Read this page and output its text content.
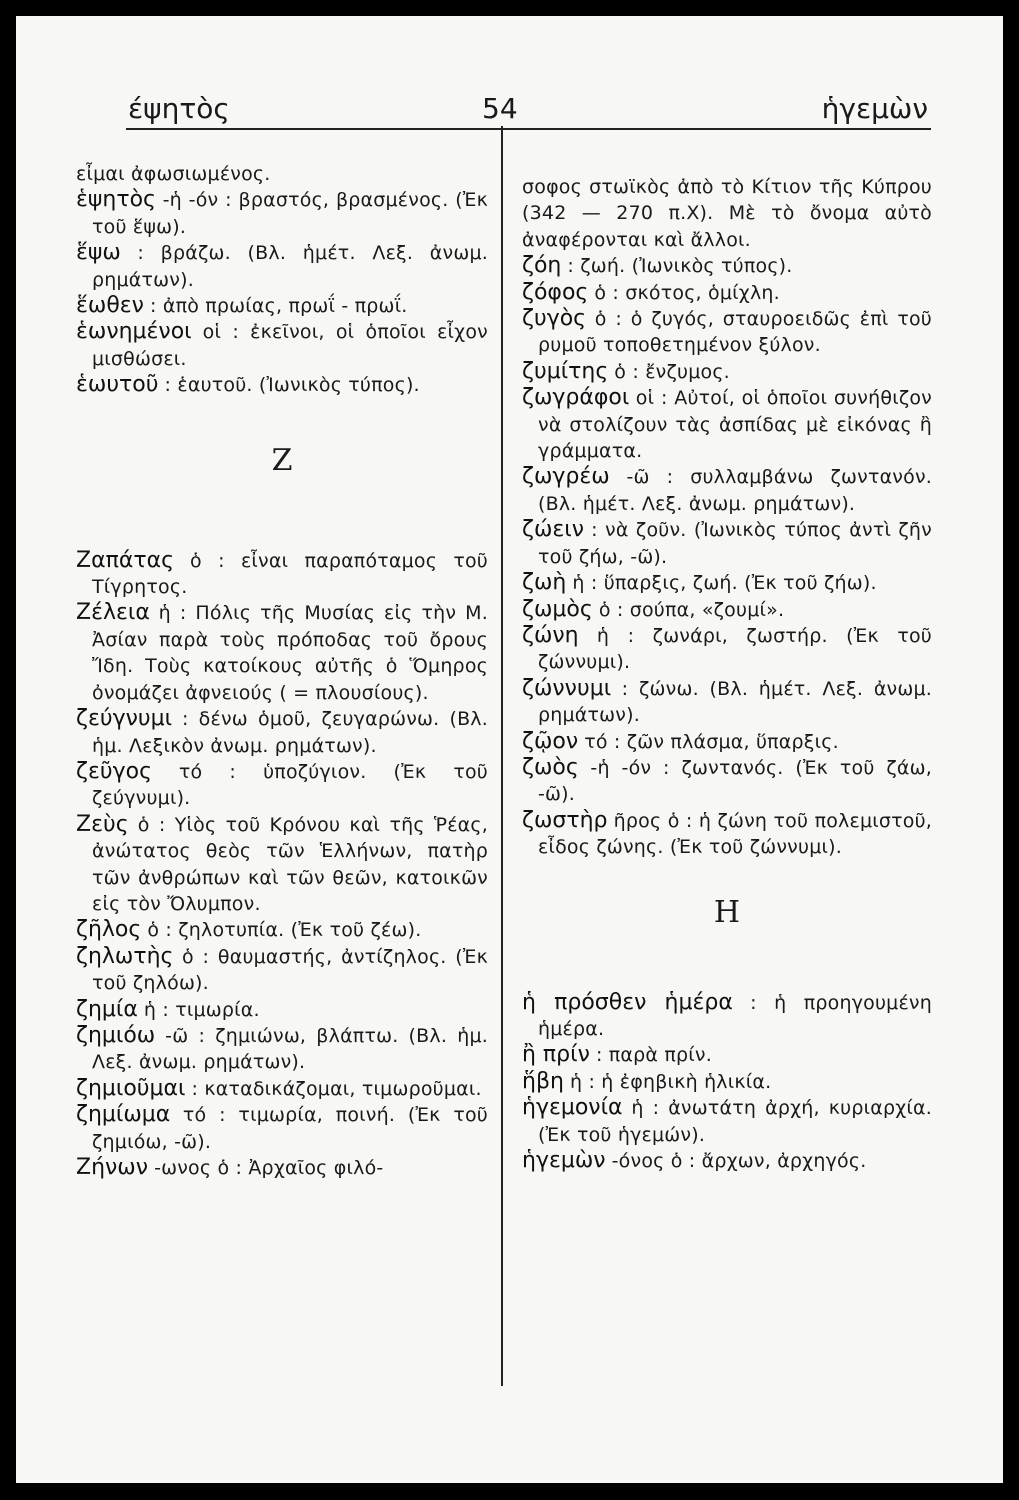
έψητὸς	54	ἡγεμὼν
εἶμαι ἀφωσιωμένος.
ἑψητὸς -ἡ -όν : βραστός, βρασμένος. (Ἐκ τοῦ ἕψω).
ἕψω : βράζω. (Βλ. ἡμέτ. Λεξ. ἀνωμ. ρημάτων).
ἕωθεν : ἀπὸ πρωίας, πρωΐ - πρωΐ.
ἑωνημένοι οἱ : ἐκεῖνοι, οἱ ὁποῖοι εἶχον μισθώσει.
ἑωυτοῦ : ἑαυτοῦ. (Ἰωνικὸς τύπος).
Ζ
Ζαπάτας ὁ : εἶναι παραπόταμος τοῦ Τίγρητος.
Ζέλεια ἡ : Πόλις τῆς Μυσίας εἰς τὴν Μ. Ἀσίαν παρὰ τοὺς πρόποδας τοῦ ὄρους Ἴδη. Τοὺς κατοίκους αὐτῆς ὁ Ὅμηρος ὀνομάζει ἀφνειούς ( = πλουσίους).
ζεύγνυμι : δένω ὁμοῦ, ζευγαρώνω. (Βλ. ἡμ. Λεξικὸν ἀνωμ. ρημάτων).
ζεῦγος τό : ὑποζύγιον. (Ἐκ τοῦ ζεύγνυμι).
Ζεὺς ὁ : Υἱὸς τοῦ Κρόνου καὶ τῆς Ῥέας, ἀνώτατος θεὸς τῶν Ἑλλήνων, πατὴρ τῶν ἀνθρώπων καὶ τῶν θεῶν, κατοικῶν εἰς τὸν Ὄλυμπον.
ζῆλος ὁ : ζηλοτυπία. (Ἐκ τοῦ ζέω).
ζηλωτὴς ὁ : θαυμαστής, ἀντίζηλος. (Ἐκ τοῦ ζηλόω).
ζημία ἡ : τιμωρία.
ζημιόω -ῶ : ζημιώνω, βλάπτω. (Βλ. ἡμ. Λεξ. ἀνωμ. ρημάτων).
ζημιοῦμαι : καταδικάζομαι, τιμωροῦμαι.
ζημίωμα τό : τιμωρία, ποινή. (Ἐκ τοῦ ζημιόω, -ῶ).
Ζήνων -ωνος ὁ : Ἀρχαῖος φιλό-
σοφος στωϊκὸς ἀπὸ τὸ Κίτιον τῆς Κύπρου (342 — 270 π.Χ). Μὲ τὸ ὄνομα αὐτὸ ἀναφέρονται καὶ ἄλλοι.
ζόη : ζωή. (Ἰωνικὸς τύπος).
ζόφος ὁ : σκότος, ὁμίχλη.
ζυγὸς ὁ : ὁ ζυγός, σταυροειδῶς ἐπὶ τοῦ ρυμοῦ τοποθετημένον ξύλον.
ζυμίτης ὁ : ἔνζυμος.
ζωγράφοι οἱ : Αὐτοί, οἱ ὁποῖοι συνήθιζον νὰ στολίζουν τὰς ἀσπίδας μὲ εἰκόνας ἢ γράμματα.
ζωγρέω -ῶ : συλλαμβάνω ζωντανόν. (Βλ. ἡμέτ. Λεξ. ἀνωμ. ρημάτων).
ζώειν : νὰ ζοῦν. (Ἰωνικὸς τύπος ἀντὶ ζῆν τοῦ ζήω, -ῶ).
ζωὴ ἡ : ὕπαρξις, ζωή. (Ἐκ τοῦ ζήω).
ζωμὸς ὁ : σούπα, «ζουμί».
ζώνη ἡ : ζωνάρι, ζωστήρ. (Ἐκ τοῦ ζώννυμι).
ζώννυμι : ζώνω. (Βλ. ἡμέτ. Λεξ. ἀνωμ. ρημάτων).
ζῷον τό : ζῶν πλάσμα, ὕπαρξις.
ζωὸς -ἡ -όν : ζωντανός. (Ἐκ τοῦ ζάω, -ῶ).
ζωστὴρ ῆρος ὁ : ἡ ζώνη τοῦ πολεμιστοῦ, εἶδος ζώνης. (Ἐκ τοῦ ζώννυμι).
Η
ἡ πρόσθεν ἡμέρα : ἡ προηγουμένη ἡμέρα.
ἢ πρίν : παρὰ πρίν.
ἥβη ἡ : ἡ ἐφηβικὴ ἡλικία.
ἡγεμονία ἡ : ἀνωτάτη ἀρχή, κυριαρχία. (Ἐκ τοῦ ἡγεμών).
ἡγεμὼν -όνος ὁ : ἄρχων, ἀρχηγός.
